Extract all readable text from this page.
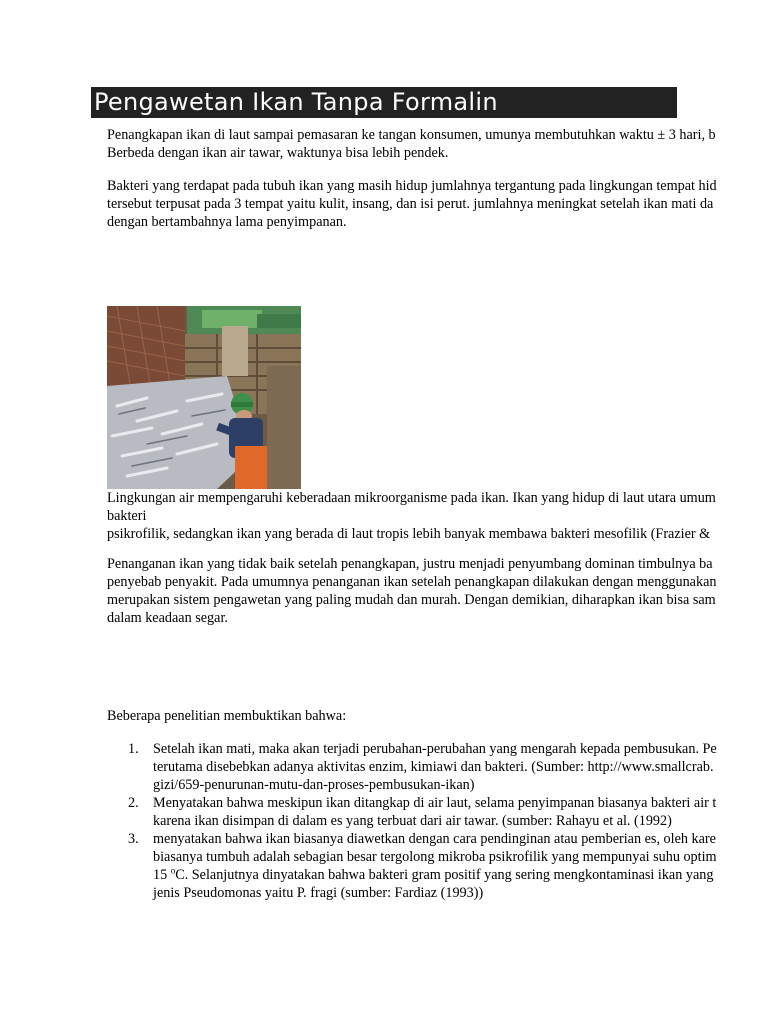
Pengawetan Ikan Tanpa Formalin

Penangkapan ikan di laut sampai pemasaran ke tangan konsumen, umunya membutuhkan waktu ± 3 hari, b
Berbeda dengan ikan air tawar, waktunya bisa lebih pendek.

Bakteri yang terdapat pada tubuh ikan yang masih hidup jumlahnya tergantung pada lingkungan tempat hid
tersebut terpusat pada 3 tempat yaitu kulit, insang, dan isi perut. jumlahnya meningkat setelah ikan mati da
dengan bertambahnya lama penyimpanan.

Lingkungan air mempengaruhi keberadaan mikroorganisme pada ikan. Ikan yang hidup di laut utara umum
bakteri
psikrofilik, sedangkan ikan yang berada di laut tropis lebih banyak membawa bakteri mesofilik (Frazier &

Penanganan ikan yang tidak baik setelah penangkapan, justru menjadi penyumbang dominan timbulnya ba
penyebab penyakit. Pada umumnya penanganan ikan setelah penangkapan dilakukan dengan menggunakan
merupakan sistem pengawetan yang paling mudah dan murah. Dengan demikian, diharapkan ikan bisa sam
dalam keadaan segar.

Beberapa penelitian membuktikan bahwa:

1. Setelah ikan mati, maka akan terjadi perubahan-perubahan yang mengarah kepada pembusukan. Pe
terutama disebebkan adanya aktivitas enzim, kimiawi dan bakteri. (Sumber: http://www.smallcrab.
gizi/659-penurunan-mutu-dan-proses-pembusukan-ikan)
2. Menyatakan bahwa meskipun ikan ditangkap di air laut, selama penyimpanan biasanya bakteri air t
karena ikan disimpan di dalam es yang terbuat dari air tawar. (sumber: Rahayu et al. (1992)
3. menyatakan bahwa ikan biasanya diawetkan dengan cara pendinginan atau pemberian es, oleh kare
biasanya tumbuh adalah sebagian besar tergolong mikroba psikrofilik yang mempunyai suhu optim
15 $^o$C. Selanjutnya dinyatakan bahwa bakteri gram positif yang sering mengkontaminasi ikan yang
jenis Pseudomonas yaitu P. fragi (sumber: Fardiaz (1993))
